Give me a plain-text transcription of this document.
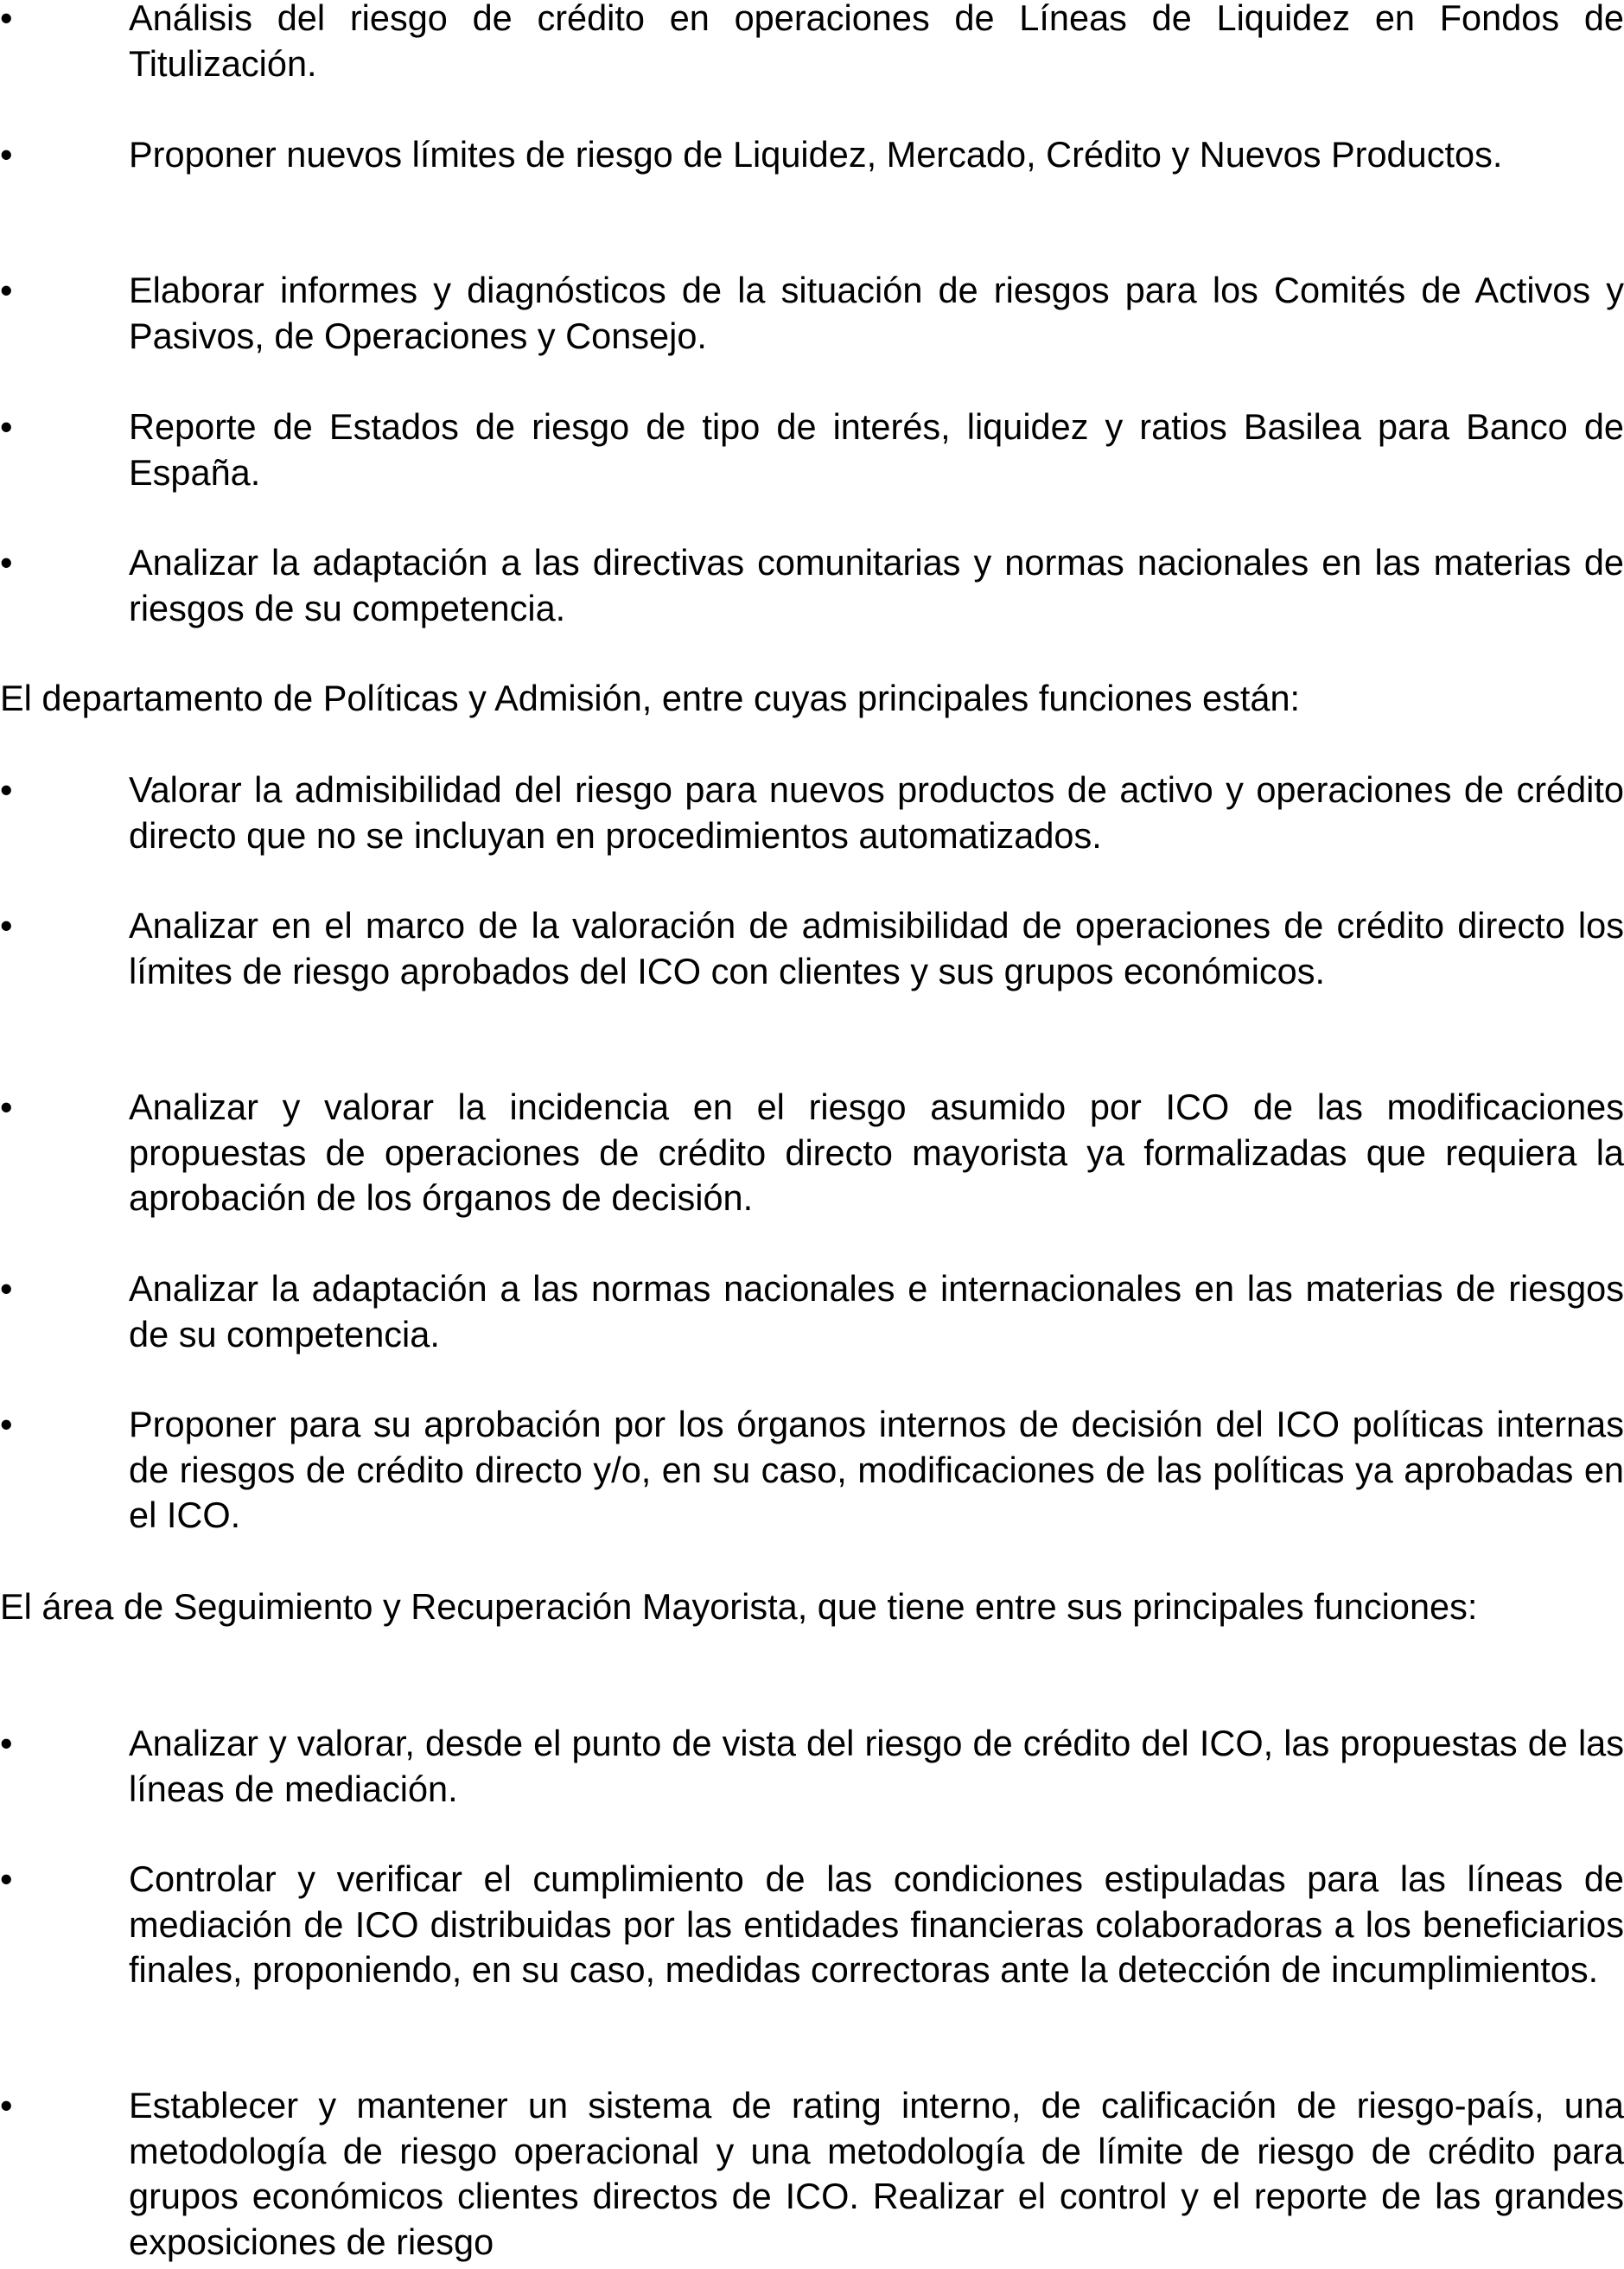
•	Análisis del riesgo de crédito en operaciones de Líneas de Liquidez en Fondos de Titulización.

•	Proponer nuevos límites de riesgo de Liquidez, Mercado, Crédito y Nuevos Productos.

•	Elaborar informes y diagnósticos de la situación de riesgos para los Comités de Activos y Pasivos, de Operaciones y Consejo.

•	Reporte de Estados de riesgo de tipo de interés, liquidez y ratios Basilea para Banco de España.

•	Analizar la adaptación a las directivas comunitarias y normas nacionales en las materias de riesgos de su competencia.

El departamento de Políticas y Admisión, entre cuyas principales funciones están:

•	Valorar la admisibilidad del riesgo para nuevos productos de activo y operaciones de crédito directo que no se incluyan en procedimientos automatizados.

•	Analizar en el marco de la valoración de admisibilidad de operaciones de crédito directo los límites de riesgo aprobados del ICO con clientes y sus grupos económicos.

•	Analizar y valorar la incidencia en el riesgo asumido por ICO de las modificaciones propuestas de operaciones de crédito directo mayorista ya formalizadas que requiera la aprobación de los órganos de decisión.

•	Analizar la adaptación a las normas nacionales e internacionales en las materias de riesgos de su competencia.

•	Proponer para su aprobación por los órganos internos de decisión del ICO políticas internas de riesgos de crédito directo y/o, en su caso, modificaciones de las políticas ya aprobadas en el ICO.

El área de Seguimiento y Recuperación Mayorista, que tiene entre sus principales funciones:

•	Analizar y valorar, desde el punto de vista del riesgo de crédito del ICO, las propuestas de las líneas de mediación.

•	Controlar y verificar el cumplimiento de las condiciones estipuladas para las líneas de mediación de ICO distribuidas por las entidades financieras colaboradoras a los beneficiarios finales, proponiendo, en su caso, medidas correctoras ante la detección de incumplimientos.

•	Establecer y mantener un sistema de rating interno, de calificación de riesgo-país, una metodología de riesgo operacional y una metodología de límite de riesgo de crédito para grupos económicos clientes directos de ICO. Realizar el control y el reporte de las grandes exposiciones de riesgo
